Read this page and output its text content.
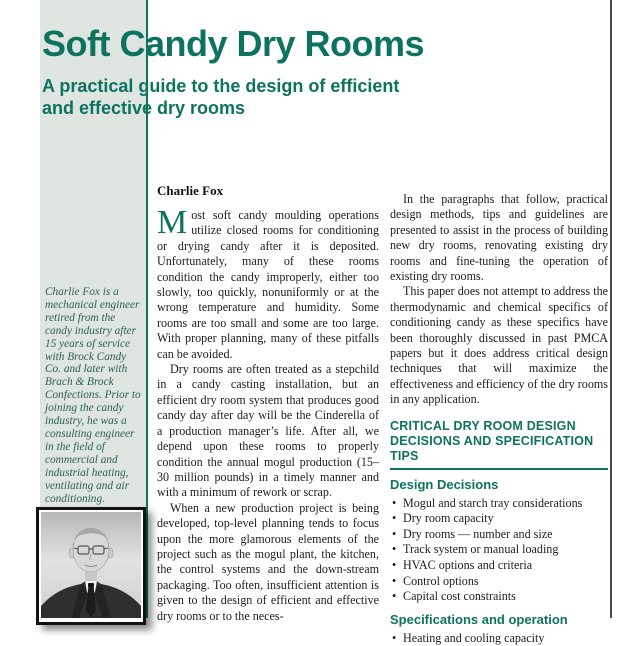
Soft Candy Dry Rooms
A practical guide to the design of efficient
and effective dry rooms

Charlie Fox is a mechanical engineer retired from the candy industry after 15 years of service with Brock Candy Co. and later with Brach & Brock Confections. Prior to joining the candy industry, he was a consulting engineer in the field of commercial and industrial heating, ventilating and air conditioning.

Charlie Fox

Most soft candy moulding operations utilize closed rooms for conditioning or drying candy after it is deposited. Unfortunately, many of these rooms condition the candy improperly, either too slowly, too quickly, nonuniformly or at the wrong temperature and humidity. Some rooms are too small and some are too large. With proper planning, many of these pitfalls can be avoided.

Dry rooms are often treated as a stepchild in a candy casting installation, but an efficient dry room system that produces good candy day after day will be the Cinderella of a production manager’s life. After all, we depend upon these rooms to properly condition the annual mogul production (15–30 million pounds) in a timely manner and with a minimum of rework or scrap.

When a new production project is being developed, top-level planning tends to focus upon the more glamorous elements of the project such as the mogul plant, the kitchen, the control systems and the down-stream packaging. Too often, insufficient attention is given to the design of efficient and effective dry rooms or to the neces-

In the paragraphs that follow, practical design methods, tips and guidelines are presented to assist in the process of building new dry rooms, renovating existing dry rooms and fine-tuning the operation of existing dry rooms.

This paper does not attempt to address the thermodynamic and chemical specifics of conditioning candy as these specifics have been thoroughly discussed in past PMCA papers but it does address critical design techniques that will maximize the effectiveness and efficiency of the dry rooms in any application.

CRITICAL DRY ROOM DESIGN
DECISIONS AND SPECIFICATION TIPS
Design Decisions
• Mogul and starch tray considerations
• Dry room capacity
• Dry rooms — number and size
• Track system or manual loading
• HVAC options and criteria
• Control options
• Capital cost constraints
Specifications and operation
• Heating and cooling capacity
